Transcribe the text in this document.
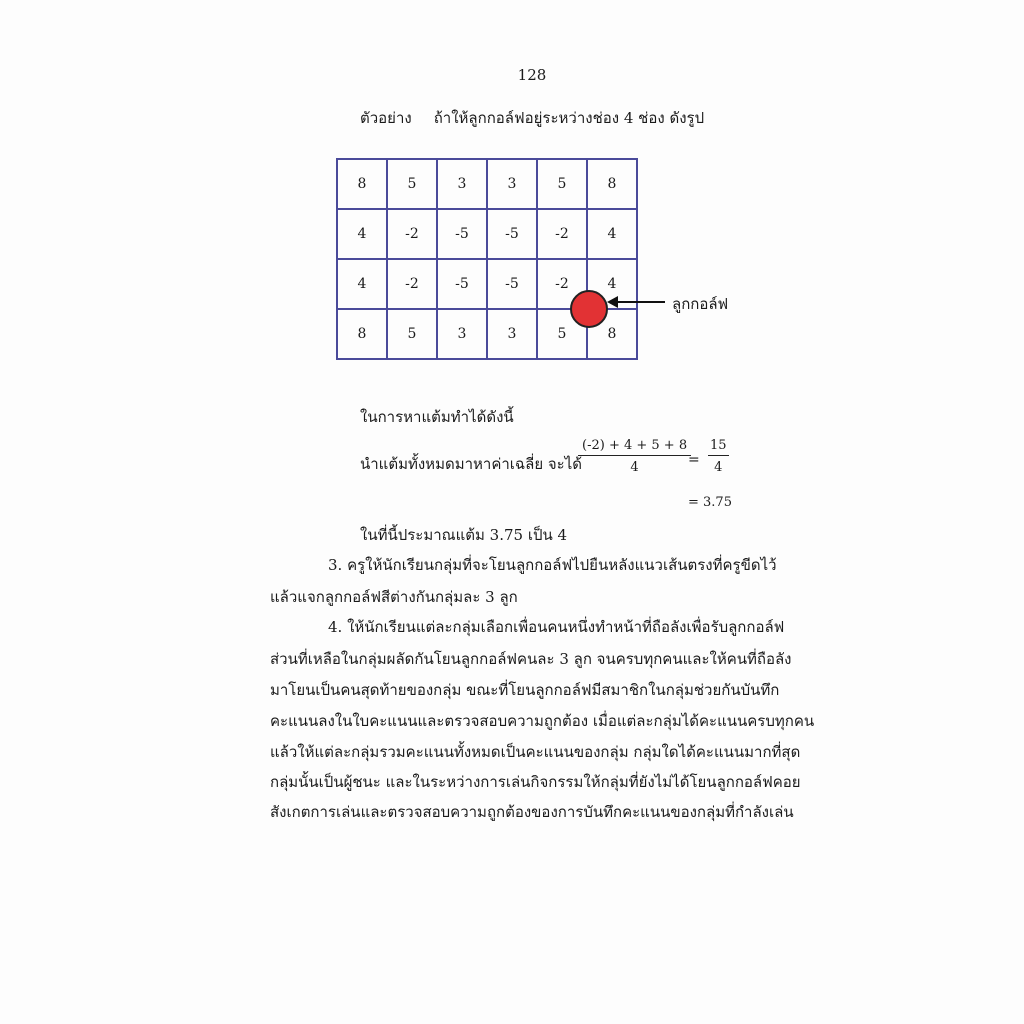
128
ตัวอย่าง ถ้าให้ลูกกอล์ฟอยู่ระหว่างช่อง 4 ช่อง ดังรูป
8	5	3	3	5	8
4	-2	-5	-5	-2	4
4	-2	-5	-5	-2	4
8	5	3	3	5	8
ลูกกอล์ฟ
ในการหาแต้มทำได้ดังนี้
นำแต้มทั้งหมดมาหาค่าเฉลี่ย จะได้
$\frac{(-2) + 4 + 5 + 8}{4}$
= $\frac{15}{4}$
= 3.75
ในที่นี้ประมาณแต้ม 3.75 เป็น 4
3. ครูให้นักเรียนกลุ่มที่จะโยนลูกกอล์ฟไปยืนหลังแนวเส้นตรงที่ครูขีดไว้
แล้วแจกลูกกอล์ฟสีต่างกันกลุ่มละ 3 ลูก
4. ให้นักเรียนแต่ละกลุ่มเลือกเพื่อนคนหนึ่งทำหน้าที่ถือลังเพื่อรับลูกกอล์ฟ
ส่วนที่เหลือในกลุ่มผลัดกันโยนลูกกอล์ฟคนละ 3 ลูก จนครบทุกคนและให้คนที่ถือลัง
มาโยนเป็นคนสุดท้ายของกลุ่ม ขณะที่โยนลูกกอล์ฟมีสมาชิกในกลุ่มช่วยกันบันทึก
คะแนนลงในใบคะแนนและตรวจสอบความถูกต้อง เมื่อแต่ละกลุ่มได้คะแนนครบทุกคน
แล้วให้แต่ละกลุ่มรวมคะแนนทั้งหมดเป็นคะแนนของกลุ่ม กลุ่มใดได้คะแนนมากที่สุด
กลุ่มนั้นเป็นผู้ชนะ และในระหว่างการเล่นกิจกรรมให้กลุ่มที่ยังไม่ได้โยนลูกกอล์ฟคอย
สังเกตการเล่นและตรวจสอบความถูกต้องของการบันทึกคะแนนของกลุ่มที่กำลังเล่น
